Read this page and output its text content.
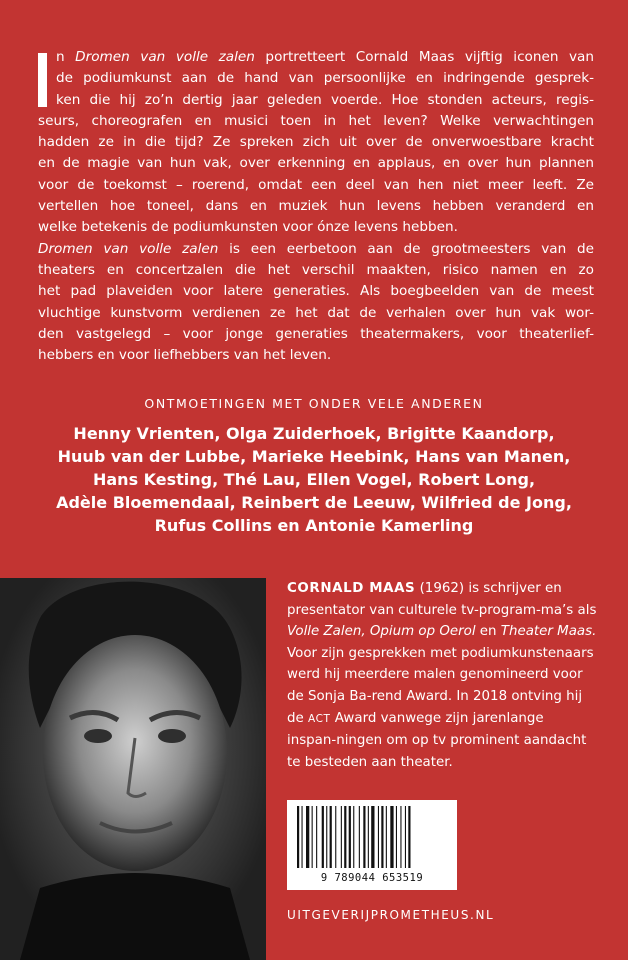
n Dromen van volle zalen portretteert Cornald Maas vijftig iconen van
de podiumkunst aan de hand van persoonlijke en indringende gesprek-
ken die hij zo’n dertig jaar geleden voerde. Hoe stonden acteurs, regis-
seurs, choreografen en musici toen in het leven? Welke verwachtingen
hadden ze in die tijd? Ze spreken zich uit over de onverwoestbare kracht
en de magie van hun vak, over erkenning en applaus, en over hun plannen
voor de toekomst – roerend, omdat een deel van hen niet meer leeft. Ze
vertellen hoe toneel, dans en muziek hun levens hebben veranderd en
welke betekenis de podiumkunsten voor ónze levens hebben.
Dromen van volle zalen is een eerbetoon aan de grootmeesters van de
theaters en concertzalen die het verschil maakten, risico namen en zo
het pad plaveiden voor latere generaties. Als boegbeelden van de meest
vluchtige kunstvorm verdienen ze het dat de verhalen over hun vak wor-
den vastgelegd – voor jonge generaties theatermakers, voor theaterlief-
hebbers en voor liefhebbers van het leven.
ONTMOETINGEN MET ONDER VELE ANDEREN
Henny Vrienten, Olga Zuiderhoek, Brigitte Kaandorp,
Huub van der Lubbe, Marieke Heebink, Hans van Manen,
Hans Kesting, Thé Lau, Ellen Vogel, Robert Long,
Adèle Bloemendaal, Reinbert de Leeuw, Wilfried de Jong,
Rufus Collins en Antonie Kamerling
CORNALD MAAS (1962) is schrijver en presentator van culturele tv-program-ma’s als Volle Zalen, Opium op Oerol en Theater Maas. Voor zijn gesprekken met podiumkunstenaars werd hij meerdere malen genomineerd voor de Sonja Ba-rend Award. In 2018 ontving hij de ACT Award vanwege zijn jarenlange inspan-ningen om op tv prominent aandacht te besteden aan theater.
9 789044 653519
UITGEVERIJPROMETHEUS.NL
